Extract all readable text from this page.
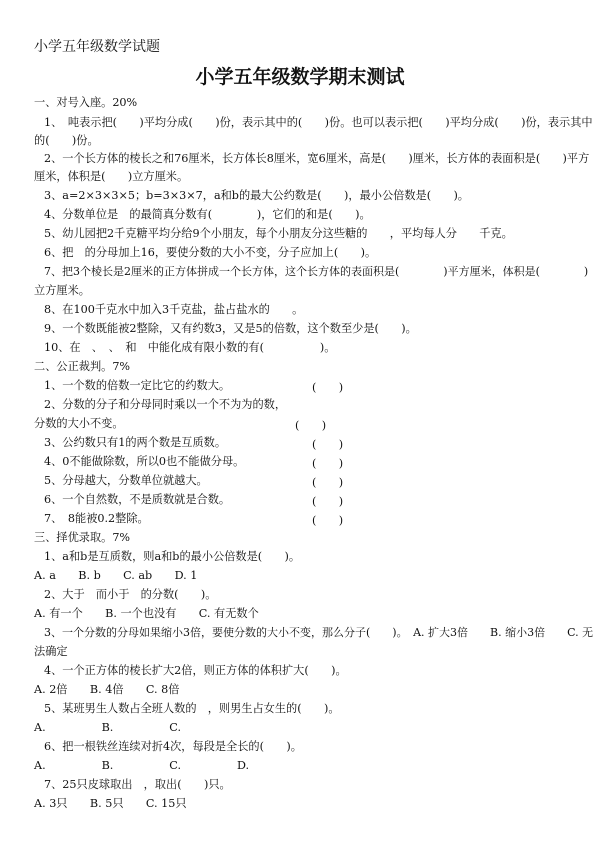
小学五年级数学试题
小学五年级数学期末测试
一、对号入座。20%
1、　吨表示把(　　)平均分成(　　)份，表示其中的(　　)份。也可以表示把(　　)平均分成(　　)份，表示其中
的(　　)份。
2、一个长方体的棱长之和76厘米，长方体长8厘米，宽6厘米，高是(　　)厘米，长方体的表面积是(　　)平方
厘米，体积是(　　)立方厘米。
3、a=2×3×3×5；b=3×3×7，a和b的最大公约数是(　　)，最小公倍数是(　　)。
4、分数单位是　的最简真分数有(　　　　)，它们的和是(　　)。
5、幼儿园把2千克糖平均分给9个小朋友，每个小朋友分这些糖的　　，平均每人分　　千克。
6、把　的分母加上16，要使分数的大小不变，分子应加上(　　)。
7、把3个棱长是2厘米的正方体拼成一个长方体，这个长方体的表面积是(　　　　)平方厘米，体积是(　　　　)
立方厘米。
8、在100千克水中加入3千克盐，盐占盐水的　　。
9、一个数既能被2整除，又有约数3，又是5的倍数，这个数至少是(　　)。
10、在　、　、　和　中能化成有限小数的有(　　　　　)。
二、公正裁判。7%
1、一个数的倍数一定比它的约数大。	(　　)
2、分数的分子和分母同时乘以一个不为为的数，
分数的大小不变。	(　　)
3、公约数只有1的两个数是互质数。	(　　)
4、0不能做除数，所以0也不能做分母。	(　　)
5、分母越大，分数单位就越大。	(　　)
6、一个自然数，不是质数就是合数。	(　　)
7、　8能被0.2整除。	(　　)
三、择优录取。7%
1、a和b是互质数，则a和b的最小公倍数是(　　)。
A. a　　B. b　　C. ab　　D. 1
2、大于　而小于　的分数(　　)。
A. 有一个　　B. 一个也没有　　C. 有无数个
3、一个分数的分母如果缩小3倍，要使分数的大小不变，那么分子(　　)。　A. 扩大3倍　　B. 缩小3倍　　C. 无
法确定
4、一个正方体的棱长扩大2倍，则正方体的体积扩大(　　)。
A. 2倍　　B. 4倍　　C. 8倍
5、某班男生人数占全班人数的　，则男生占女生的(　　)。
A.　　　　　B.　　　　　C.
6、把一根铁丝连续对折4次，每段是全长的(　　)。
A.　　　　　B.　　　　　C.　　　　　D.
7、25只皮球取出　，取出(　　)只。
A. 3只　　B. 5只　　C. 15只
